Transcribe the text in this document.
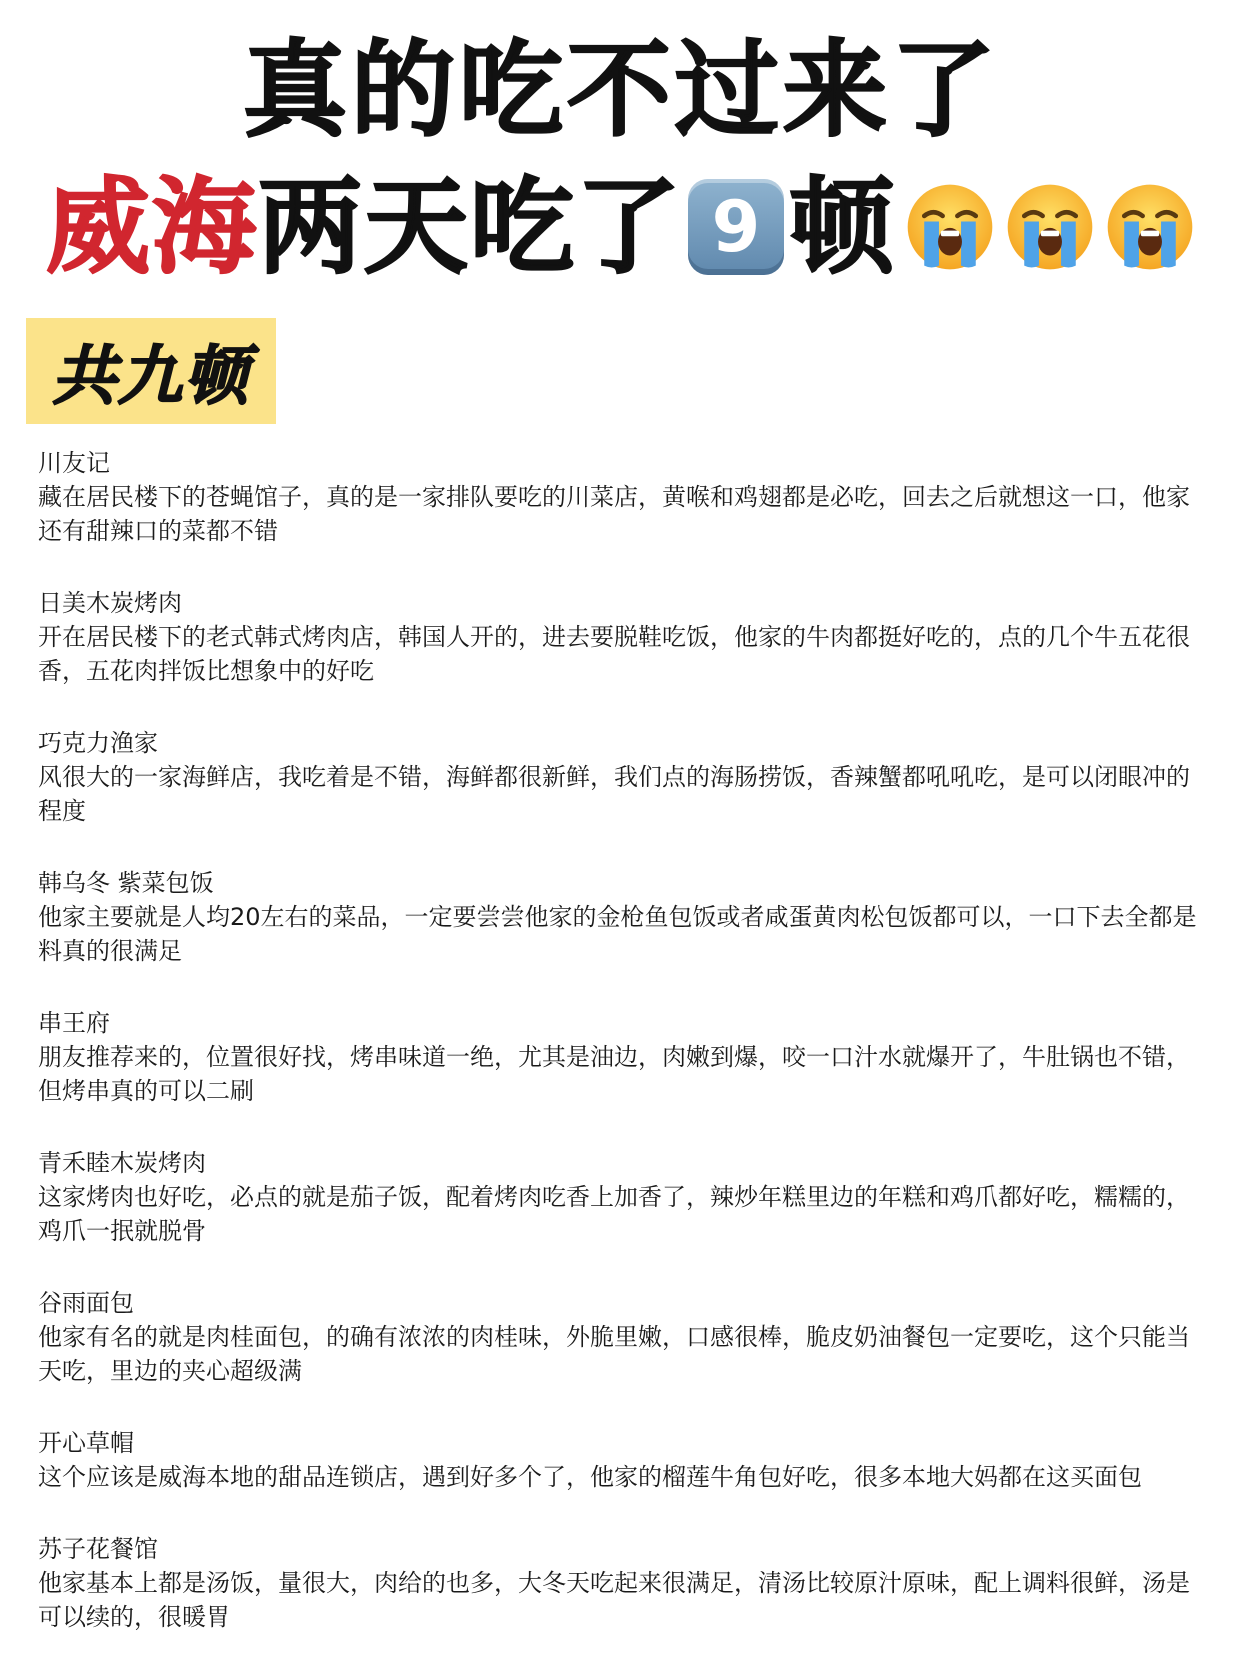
真的吃不过来了
威海 两天吃了 9 顿
共九顿
川友记
藏在居民楼下的苍蝇馆子，真的是一家排队要吃的川菜店，黄喉和鸡翅都是必吃，回去之后就想这一口，他家还有甜辣口的菜都不错
日美木炭烤肉
开在居民楼下的老式韩式烤肉店，韩国人开的，进去要脱鞋吃饭，他家的牛肉都挺好吃的，点的几个牛五花很香，五花肉拌饭比想象中的好吃
巧克力渔家
风很大的一家海鲜店，我吃着是不错，海鲜都很新鲜，我们点的海肠捞饭，香辣蟹都吼吼吃，是可以闭眼冲的程度
韩乌冬 紫菜包饭
他家主要就是人均20左右的菜品，一定要尝尝他家的金枪鱼包饭或者咸蛋黄肉松包饭都可以，一口下去全都是料真的很满足
串王府
朋友推荐来的，位置很好找，烤串味道一绝，尤其是油边，肉嫩到爆，咬一口汁水就爆开了，牛肚锅也不错，但烤串真的可以二刷
青禾睦木炭烤肉
这家烤肉也好吃，必点的就是茄子饭，配着烤肉吃香上加香了，辣炒年糕里边的年糕和鸡爪都好吃，糯糯的，鸡爪一抿就脱骨
谷雨面包
他家有名的就是肉桂面包，的确有浓浓的肉桂味，外脆里嫩，口感很棒，脆皮奶油餐包一定要吃，这个只能当天吃，里边的夹心超级满
开心草帽
这个应该是威海本地的甜品连锁店，遇到好多个了，他家的榴莲牛角包好吃，很多本地大妈都在这买面包
苏子花餐馆
他家基本上都是汤饭，量很大，肉给的也多，大冬天吃起来很满足，清汤比较原汁原味，配上调料很鲜，汤是可以续的，很暖胃
